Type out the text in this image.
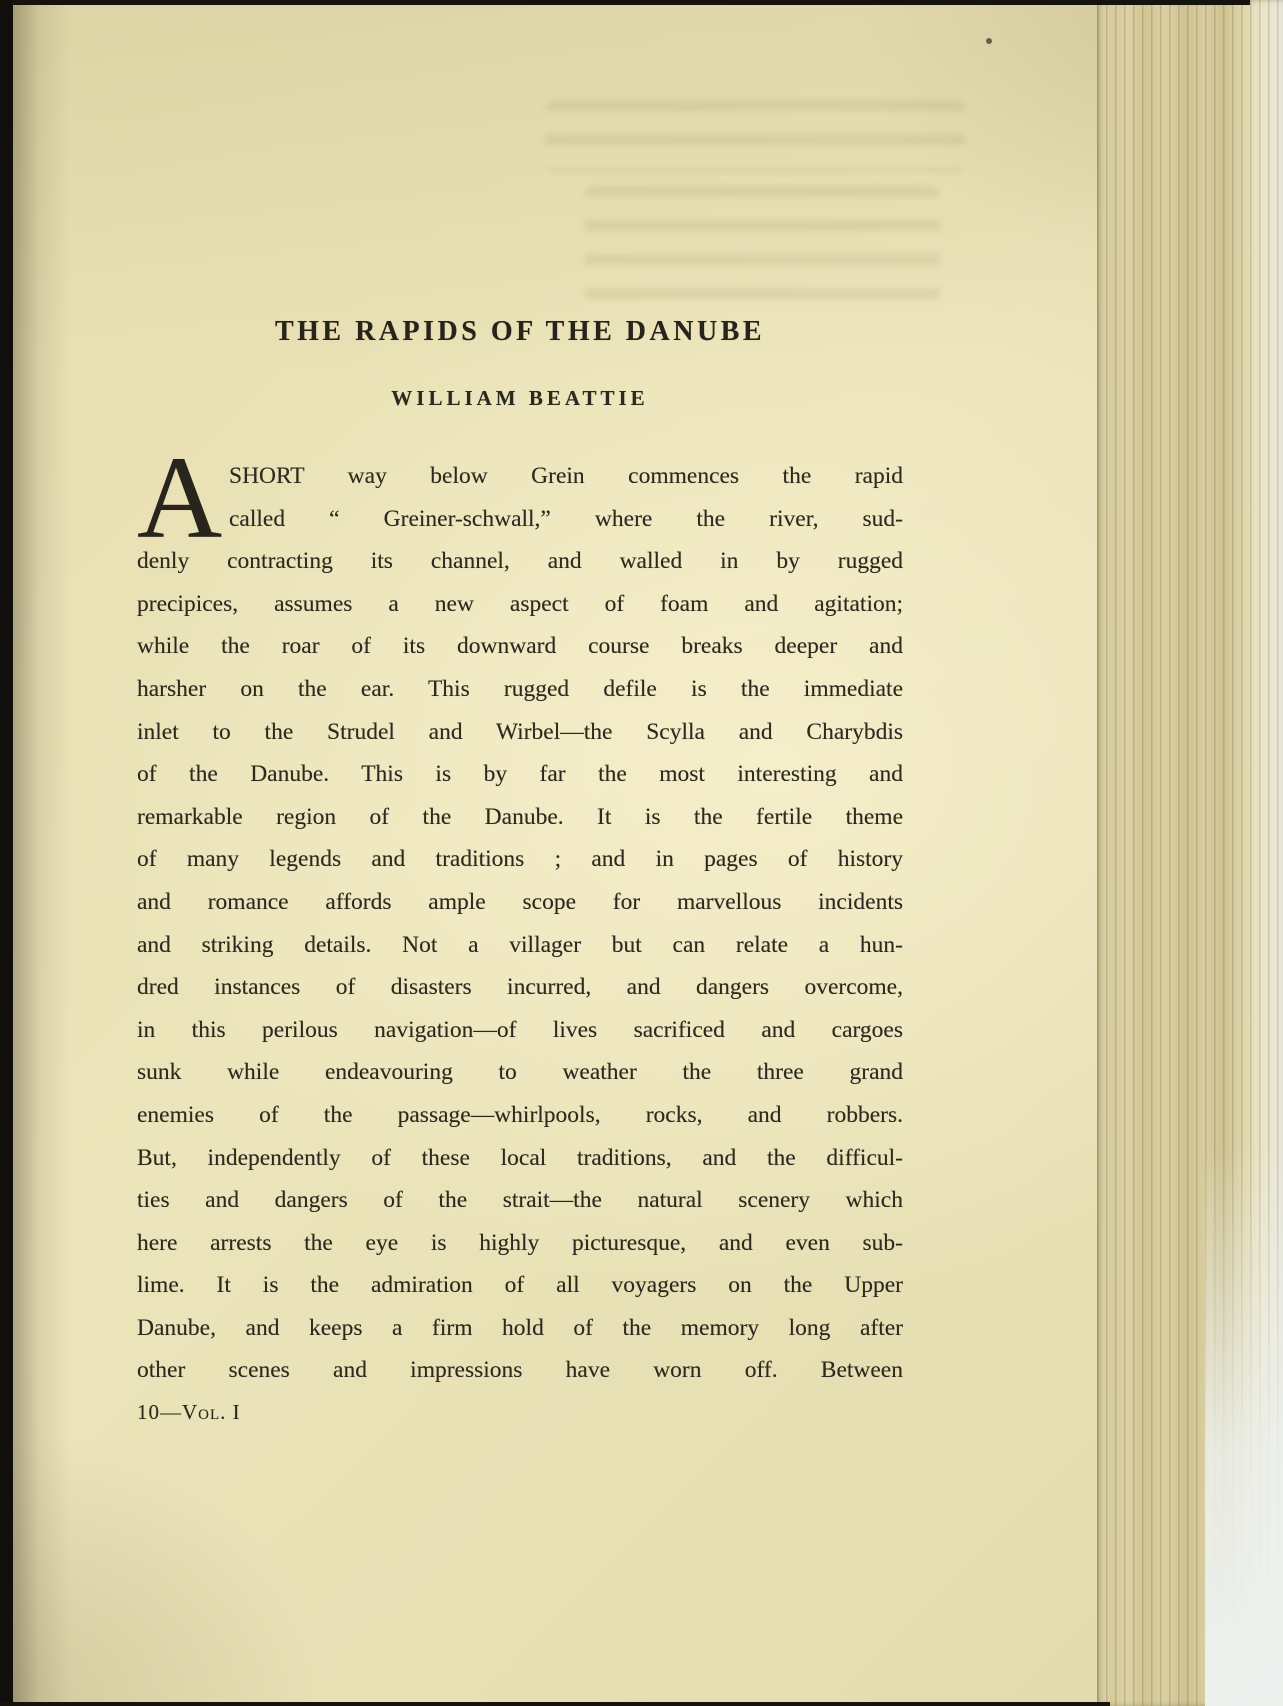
THE RAPIDS OF THE DANUBE
WILLIAM BEATTIE
A SHORT way below Grein commences the rapid
called “ Greiner-schwall,” where the river, sud-
denly contracting its channel, and walled in by rugged
precipices, assumes a new aspect of foam and agitation;
while the roar of its downward course breaks deeper and
harsher on the ear. This rugged defile is the immediate
inlet to the Strudel and Wirbel—the Scylla and Charybdis
of the Danube. This is by far the most interesting and
remarkable region of the Danube. It is the fertile theme
of many legends and traditions ; and in pages of history
and romance affords ample scope for marvellous incidents
and striking details. Not a villager but can relate a hun-
dred instances of disasters incurred, and dangers overcome,
in this perilous navigation—of lives sacrificed and cargoes
sunk while endeavouring to weather the three grand
enemies of the passage—whirlpools, rocks, and robbers.
But, independently of these local traditions, and the difficul-
ties and dangers of the strait—the natural scenery which
here arrests the eye is highly picturesque, and even sub-
lime. It is the admiration of all voyagers on the Upper
Danube, and keeps a firm hold of the memory long after
other scenes and impressions have worn off. Between
10—Vol. I
